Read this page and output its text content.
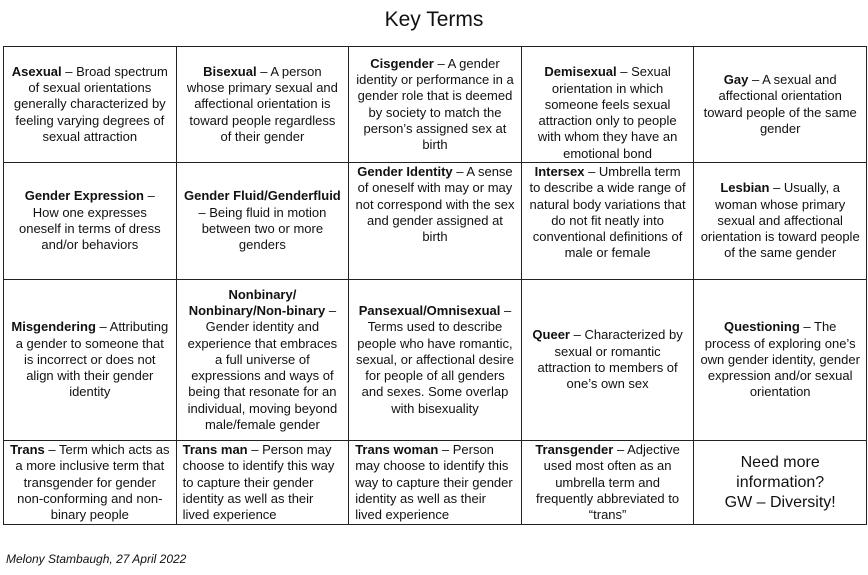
Key Terms
Asexual – Broad spectrum of sexual orientations generally characterized by feeling varying degrees of sexual attraction	Bisexual – A person whose primary sexual and affectional orientation is toward people regardless of their gender	Cisgender – A gender identity or performance in a gender role that is deemed by society to match the person’s assigned sex at birth	Demisexual – Sexual orientation in which someone feels sexual attraction only to people with whom they have an emotional bond	Gay – A sexual and affectional orientation toward people of the same gender
Gender Expression – How one expresses oneself in terms of dress and/or behaviors	Gender Fluid/Genderfluid – Being fluid in motion between two or more genders	Gender Identity – A sense of oneself with may or may not correspond with the sex and gender assigned at birth	Intersex – Umbrella term to describe a wide range of natural body variations that do not fit neatly into conventional definitions of male or female	Lesbian – Usually, a woman whose primary sexual and affectional orientation is toward people of the same gender
Misgendering – Attributing a gender to someone that is incorrect or does not align with their gender identity	Nonbinary/ Nonbinary/Non-binary – Gender identity and experience that embraces a full universe of expressions and ways of being that resonate for an individual, moving beyond male/female gender	Pansexual/Omnisexual – Terms used to describe people who have romantic, sexual, or affectional desire for people of all genders and sexes. Some overlap with bisexuality	Queer – Characterized by sexual or romantic attraction to members of one’s own sex	Questioning – The process of exploring one’s own gender identity, gender expression and/or sexual orientation
Trans – Term which acts as a more inclusive term that transgender for gender non-conforming and non-binary people	Trans man – Person may choose to identify this way to capture their gender identity as well as their lived experience	Trans woman – Person may choose to identify this way to capture their gender identity as well as their lived experience	Transgender – Adjective used most often as an umbrella term and frequently abbreviated to “trans”	Need more information?
GW – Diversity!
Melony Stambaugh, 27 April 2022
